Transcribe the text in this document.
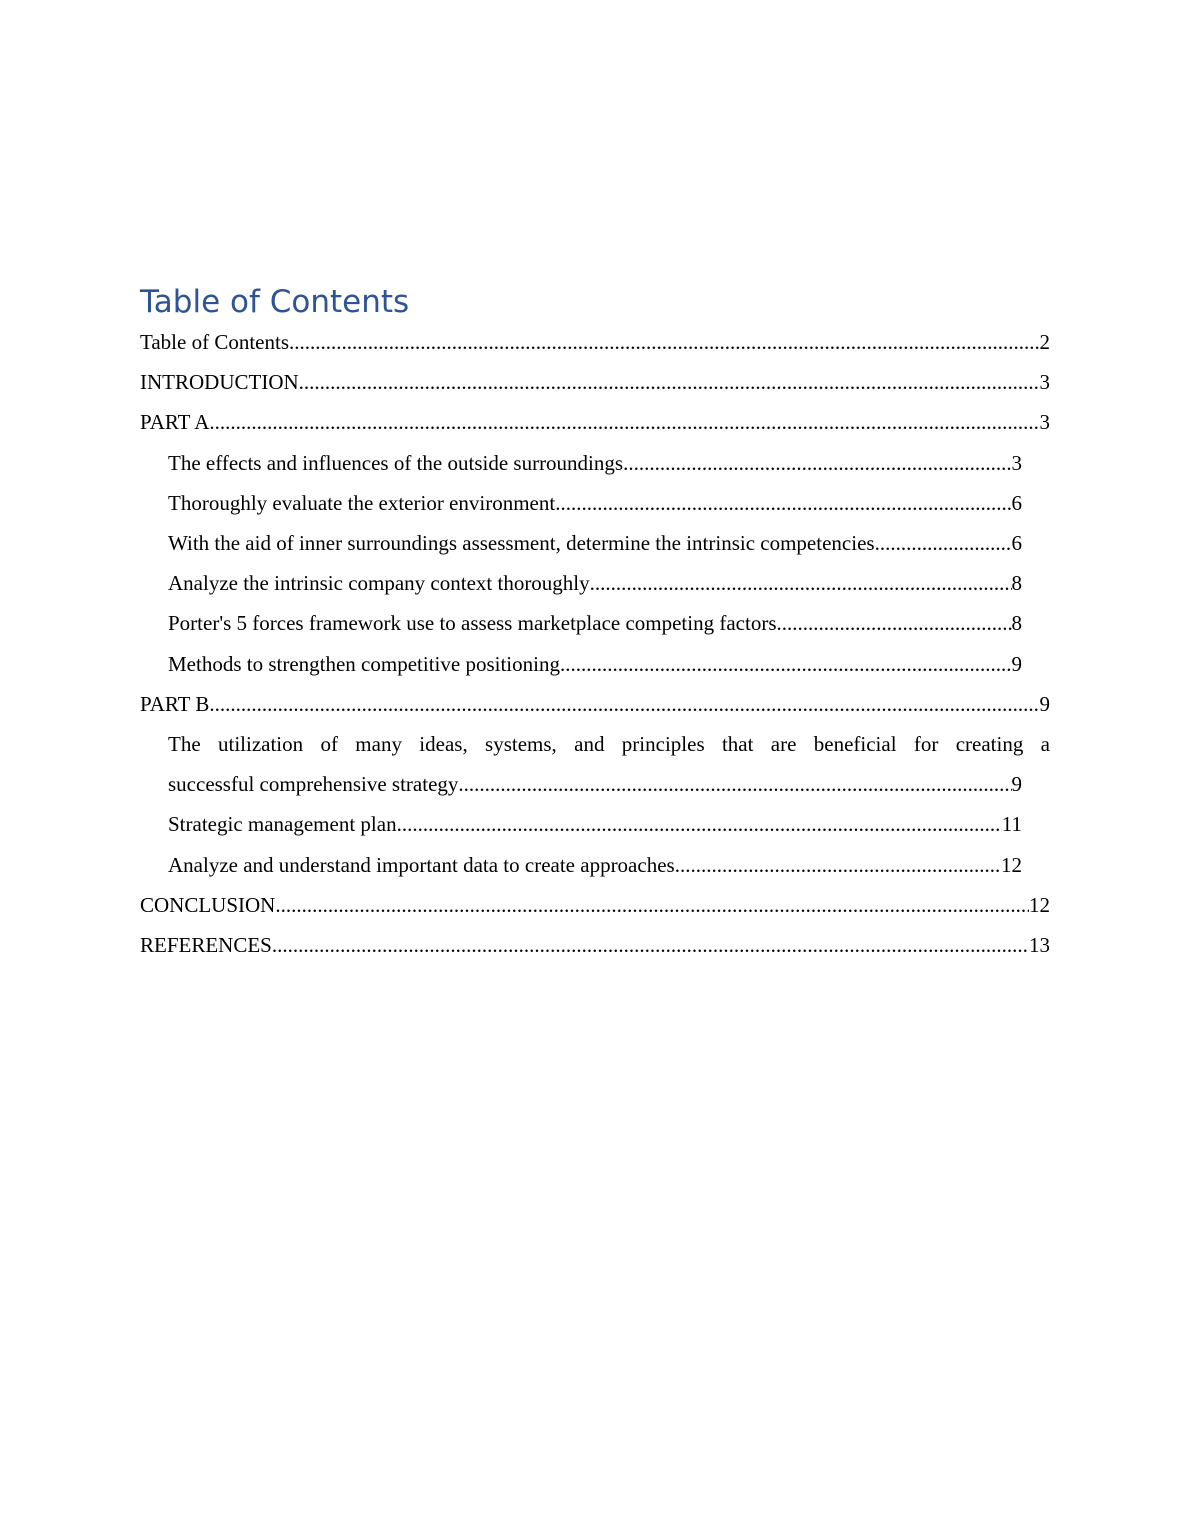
Table of Contents
Table of Contents .....	2
INTRODUCTION .....	3
PART A .....	3
The effects and influences of the outside surroundings .....	3
Thoroughly evaluate the exterior environment .....	6
With the aid of inner surroundings assessment, determine the intrinsic competencies .....	6
Analyze the intrinsic company context thoroughly .....	8
Porter's 5 forces framework use to assess marketplace competing factors .....	8
Methods to strengthen competitive positioning .....	9
PART B .....	9
The utilization of many ideas, systems, and principles that are beneficial for creating a
successful comprehensive strategy .....	9
Strategic management plan .....	11
Analyze and understand important data to create approaches .....	12
CONCLUSION .....	12
REFERENCES .....	13
